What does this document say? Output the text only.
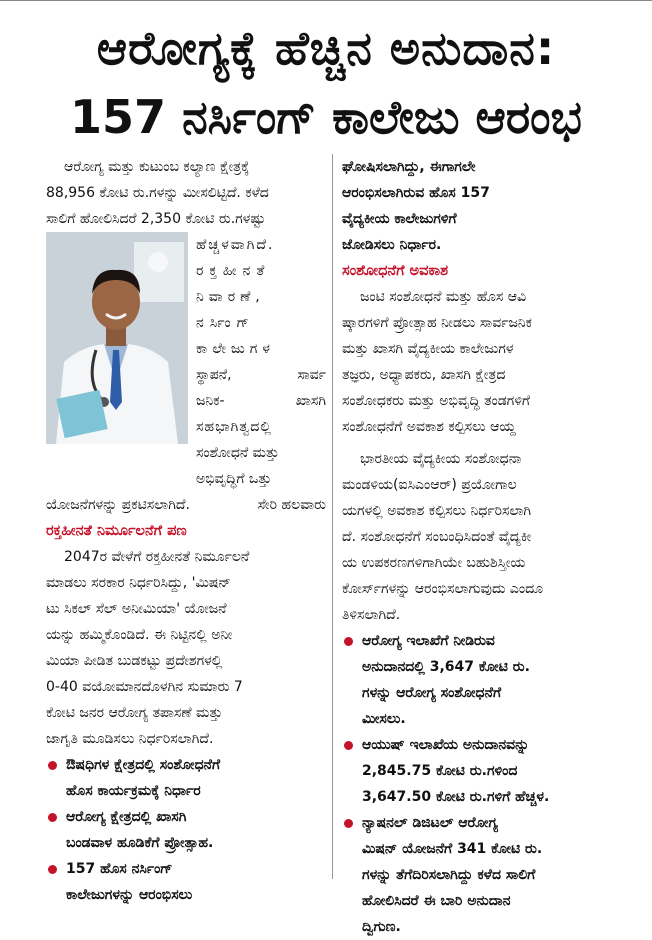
ಆರೋಗ್ಯಕ್ಕೆ ಹೆಚ್ಚಿನ ಅನುದಾನ:
157 ನರ್ಸಿಂಗ್ ಕಾಲೇಜು ಆರಂಭ

ಆರೋಗ್ಯ ಮತ್ತು ಕುಟುಂಬ ಕಲ್ಯಾಣ ಕ್ಷೇತ್ರಕ್ಕೆ

88,956 ಕೋಟಿ ರು.ಗಳನ್ನು ಮೀಸಲಿಟ್ಟಿದೆ. ಕಳೆದ

ಸಾಲಿಗೆ ಹೋಲಿಸಿದರೆ 2,350 ಕೋಟಿ ರು.ಗಳಷ್ಟು

ಹೆಚ್ಚಳವಾಗಿದೆ.

ರಕ್ತಹೀನತೆ

ನಿವಾರಣೆ,

ನರ್ಸಿಂಗ್

ಕಾಲೇಜುಗಳ

ಸ್ಥಾಪನೆ,	ಸಾರ್ವ

ಜನಿಕ-	ಖಾಸಗಿ

ಸಹಭಾಗಿತ್ವದಲ್ಲಿ

ಸಂಶೋಧನೆ ಮತ್ತು

ಅಭಿವೃದ್ಧಿಗೆ ಒತ್ತು

ಸೇರಿ ಹಲವಾರು

ಯೋಜನೆಗಳನ್ನು ಪ್ರಕಟಿಸಲಾಗಿದೆ.

ರಕ್ತಹೀನತೆ ನಿರ್ಮೂಲನೆಗೆ ಪಣ

2047ರ ವೇಳೆಗೆ ರಕ್ತಹೀನತೆ ನಿರ್ಮೂಲನೆ

ಮಾಡಲು ಸರಕಾರ ನಿರ್ಧರಿಸಿದ್ದು, 'ಮಿಷನ್

ಟು ಸಿಕಲ್ ಸೆಲ್ ಅನೀಮಿಯಾ' ಯೋಜನೆ

ಯನ್ನು ಹಮ್ಮಿಕೊಂಡಿದೆ. ಈ ನಿಟ್ಟಿನಲ್ಲಿ ಅನೀ

ಮಿಯಾ ಪೀಡಿತ ಬುಡಕಟ್ಟು ಪ್ರದೇಶಗಳಲ್ಲಿ

0-40 ವಯೋಮಾನದೊಳಗಿನ ಸುಮಾರು 7

ಕೋಟಿ ಜನರ ಆರೋಗ್ಯ ತಪಾಸಣೆ ಮತ್ತು

ಜಾಗೃತಿ ಮೂಡಿಸಲು ನಿರ್ಧರಿಸಲಾಗಿದೆ.

ಔಷಧಿಗಳ ಕ್ಷೇತ್ರದಲ್ಲಿ ಸಂಶೋಧನೆಗೆ

ಹೊಸ ಕಾರ್ಯಕ್ರಮಕ್ಕೆ ನಿರ್ಧಾರ

ಆರೋಗ್ಯ ಕ್ಷೇತ್ರದಲ್ಲಿ ಖಾಸಗಿ

ಬಂಡವಾಳ ಹೂಡಿಕೆಗೆ ಪ್ರೋತ್ಸಾಹ.

157 ಹೊಸ ನರ್ಸಿಂಗ್

ಕಾಲೇಜುಗಳನ್ನು ಆರಂಭಿಸಲು

ಘೋಷಿಸಲಾಗಿದ್ದು, ಈಗಾಗಲೇ

ಆರಂಭಿಸಲಾಗಿರುವ ಹೊಸ 157

ವೈದ್ಯಕೀಯ ಕಾಲೇಜುಗಳಿಗೆ

ಜೋಡಿಸಲು ನಿರ್ಧಾರ.

ಸಂಶೋಧನೆಗೆ ಅವಕಾಶ

ಜಂಟಿ ಸಂಶೋಧನೆ ಮತ್ತು ಹೊಸ ಆವಿ

ಷ್ಕಾರಗಳಿಗೆ ಪ್ರೋತ್ಸಾಹ ನೀಡಲು ಸಾರ್ವಜನಿಕ

ಮತ್ತು ಖಾಸಗಿ ವೈದ್ಯಕೀಯ ಕಾಲೇಜುಗಳ

ತಜ್ಞರು, ಅಧ್ಯಾಪಕರು, ಖಾಸಗಿ ಕ್ಷೇತ್ರದ

ಸಂಶೋಧಕರು ಮತ್ತು ಅಭಿವೃದ್ಧಿ ತಂಡಗಳಿಗೆ

ಸಂಶೋಧನೆಗೆ ಅವಕಾಶ ಕಲ್ಪಿಸಲು ಆಯ್ದ

ಭಾರತೀಯ ವೈದ್ಯಕೀಯ ಸಂಶೋಧನಾ

ಮಂಡಳಿಯ(ಐಸಿಎಂಆರ್) ಪ್ರಯೋಗಾಲ

ಯಗಳಲ್ಲಿ ಅವಕಾಶ ಕಲ್ಪಿಸಲು ನಿರ್ಧರಿಸಲಾಗಿ

ದೆ. ಸಂಶೋಧನೆಗೆ ಸಂಬಂಧಿಸಿದಂತೆ ವೈದ್ಯಕೀ

ಯ ಉಪಕರಣಗಳಿಗಾಗಿಯೇ ಬಹುಶಿಸ್ತೀಯ

ಕೋರ್ಸ್‌ಗಳನ್ನು ಆರಂಭಿಸಲಾಗುವುದು ಎಂದೂ

ತಿಳಿಸಲಾಗಿದೆ.

ಆರೋಗ್ಯ ಇಲಾಖೆಗೆ ನೀಡಿರುವ

ಅನುದಾನದಲ್ಲಿ 3,647 ಕೋಟಿ ರು.

ಗಳನ್ನು ಆರೋಗ್ಯ ಸಂಶೋಧನೆಗೆ

ಮೀಸಲು.

ಆಯುಷ್ ಇಲಾಖೆಯ ಅನುದಾನವನ್ನು

2,845.75 ಕೋಟಿ ರು.ಗಳಿಂದ

3,647.50 ಕೋಟಿ ರು.ಗಳಿಗೆ ಹೆಚ್ಚಳ.

ನ್ಯಾಷನಲ್ ಡಿಜಿಟಲ್ ಆರೋಗ್ಯ

ಮಿಷನ್ ಯೋಜನೆಗೆ 341 ಕೋಟಿ ರು.

ಗಳನ್ನು ತೆಗೆದಿರಿಸಲಾಗಿದ್ದು ಕಳೆದ ಸಾಲಿಗೆ

ಹೋಲಿಸಿದರೆ ಈ ಬಾರಿ ಅನುದಾನ

ದ್ವಿಗುಣ.
